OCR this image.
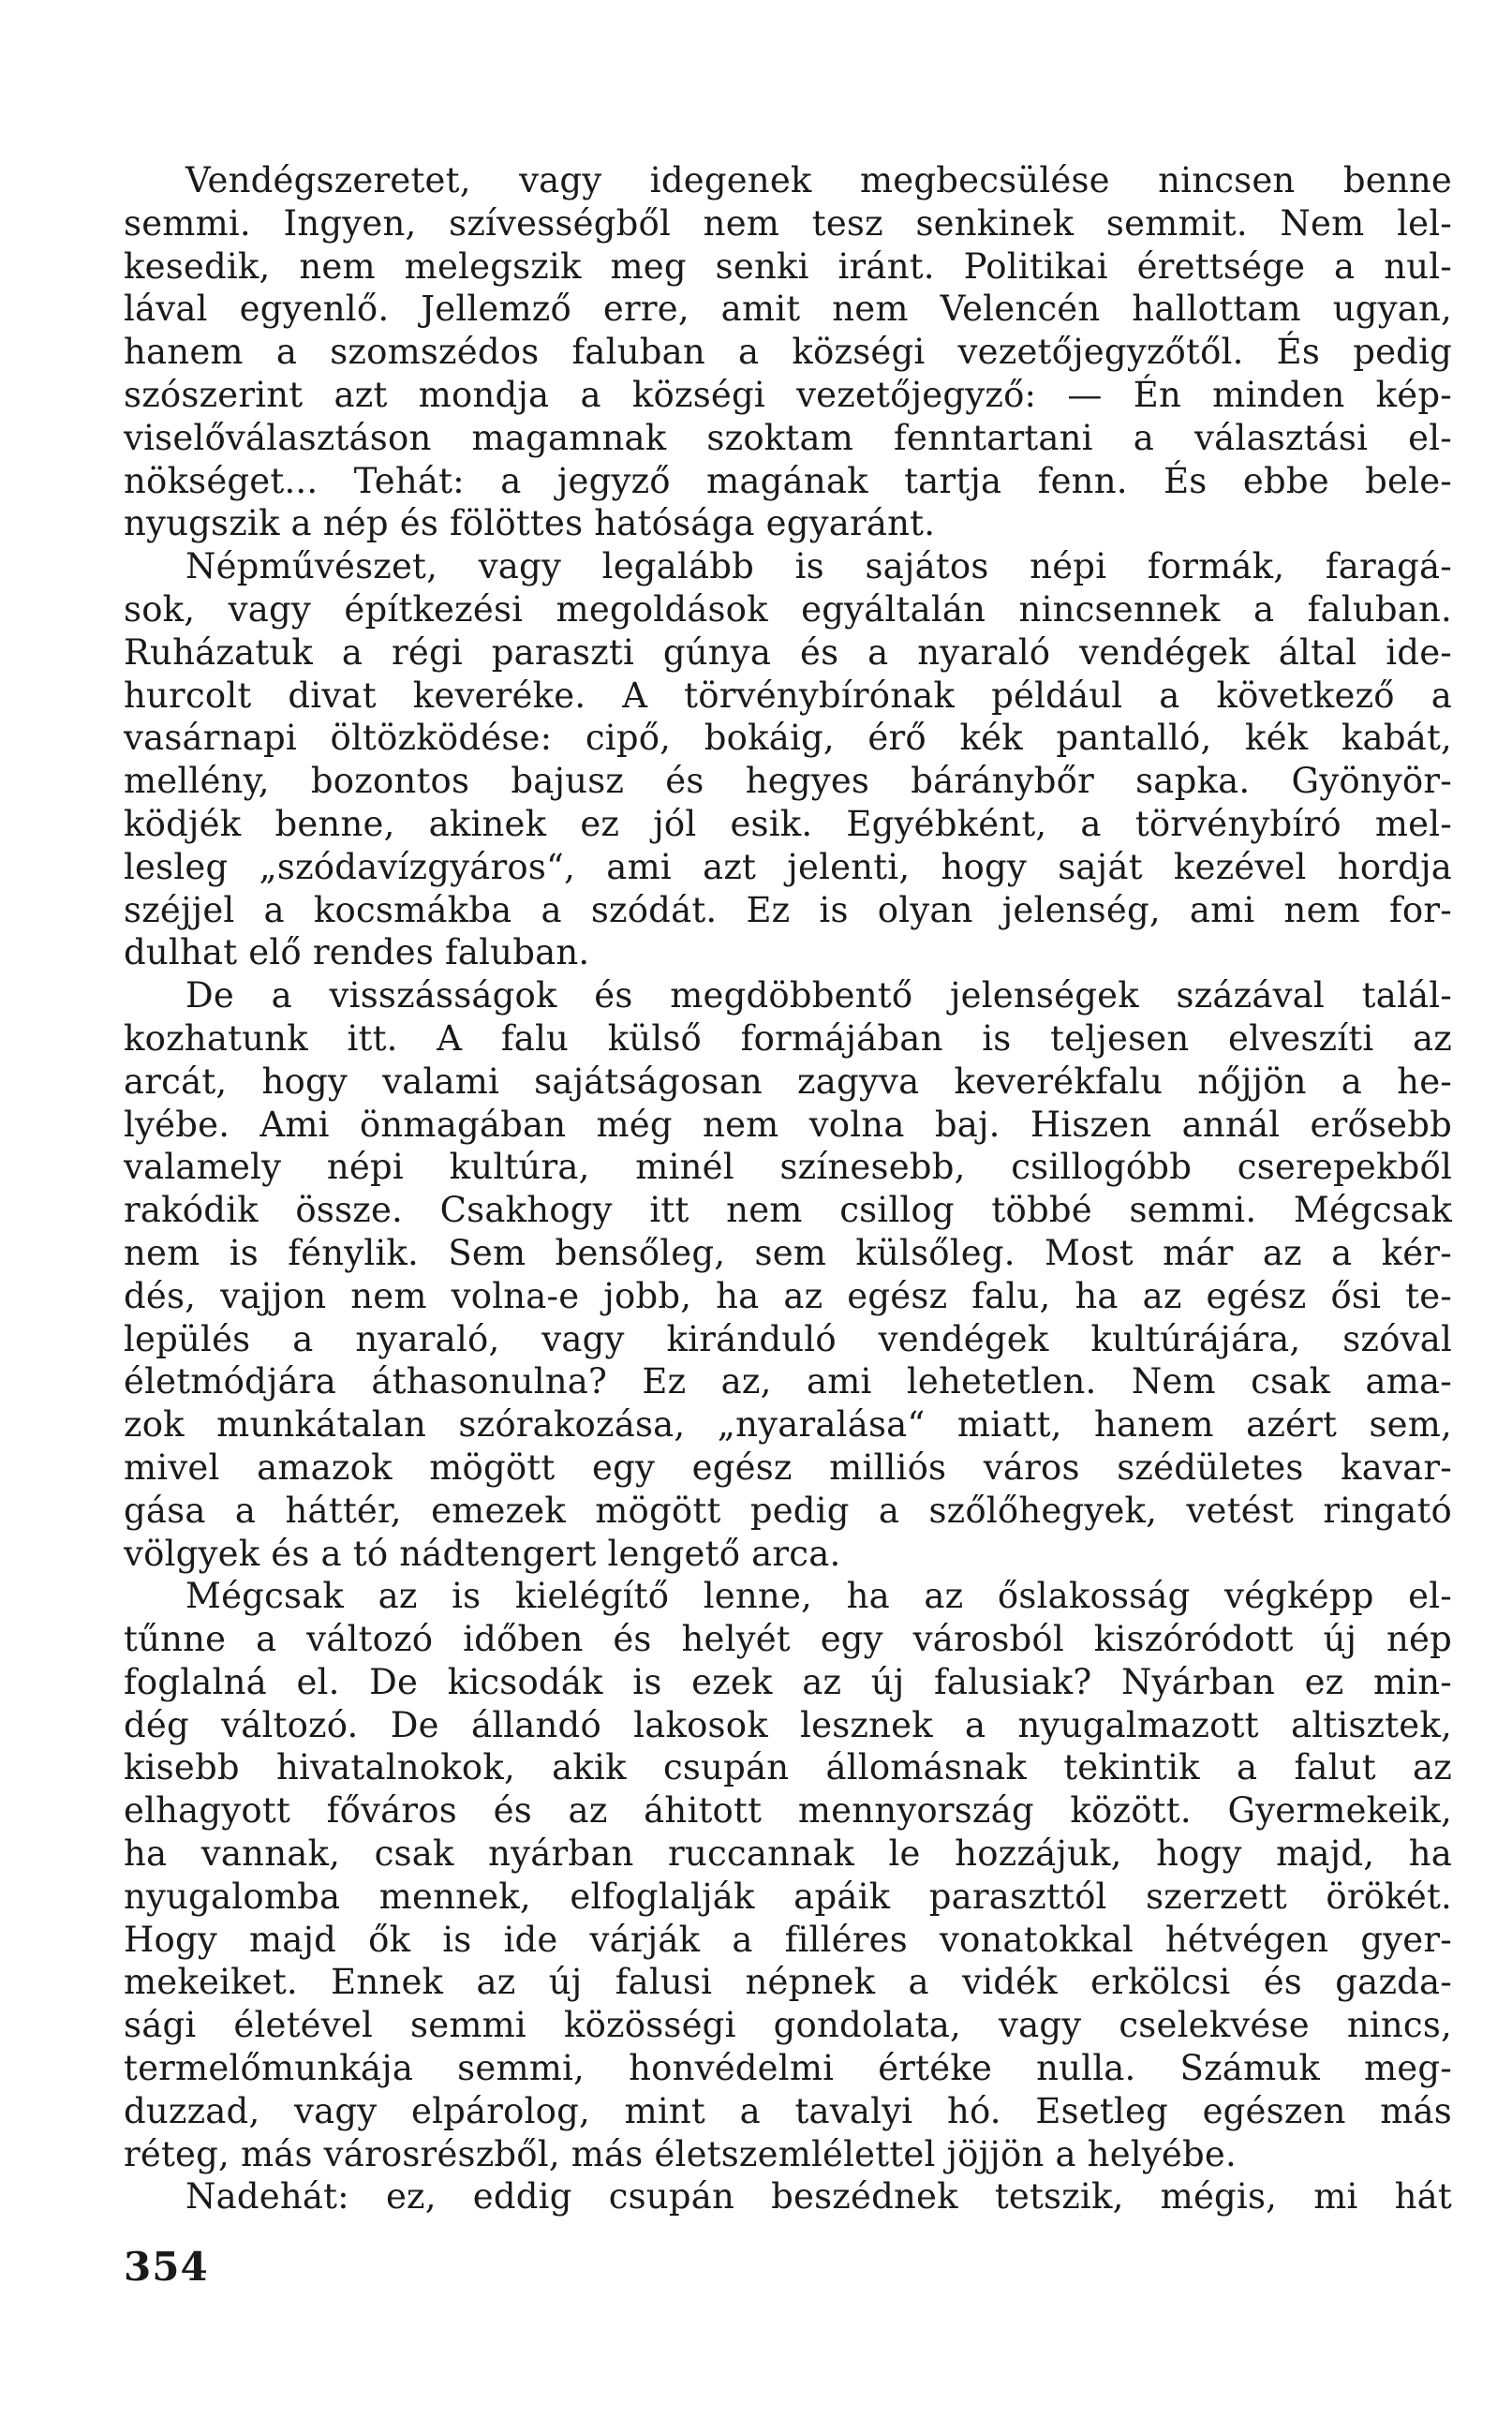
Vendégszeretet, vagy idegenek megbecsülése nincsen benne
semmi. Ingyen, szívességből nem tesz senkinek semmit. Nem lel-
kesedik, nem melegszik meg senki iránt. Politikai érettsége a nul-
lával egyenlő. Jellemző erre, amit nem Velencén hallottam ugyan,
hanem a szomszédos faluban a községi vezetőjegyzőtől. És pedig
szószerint azt mondja a községi vezetőjegyző: — Én minden kép-
viselőválasztáson magamnak szoktam fenntartani a választási el-
nökséget... Tehát: a jegyző magának tartja fenn. És ebbe bele-
nyugszik a nép és fölöttes hatósága egyaránt.
Népművészet, vagy legalább is sajátos népi formák, faragá-
sok, vagy építkezési megoldások egyáltalán nincsennek a faluban.
Ruházatuk a régi paraszti gúnya és a nyaraló vendégek által ide-
hurcolt divat keveréke. A törvénybírónak például a következő a
vasárnapi öltözködése: cipő, bokáig, érő kék pantalló, kék kabát,
mellény, bozontos bajusz és hegyes báránybőr sapka. Gyönyör-
ködjék benne, akinek ez jól esik. Egyébként, a törvénybíró mel-
lesleg „szódavízgyáros“, ami azt jelenti, hogy saját kezével hordja
széjjel a kocsmákba a szódát. Ez is olyan jelenség, ami nem for-
dulhat elő rendes faluban.
De a visszásságok és megdöbbentő jelenségek százával talál-
kozhatunk itt. A falu külső formájában is teljesen elveszíti az
arcát, hogy valami sajátságosan zagyva keverékfalu nőjjön a he-
lyébe. Ami önmagában még nem volna baj. Hiszen annál erősebb
valamely népi kultúra, minél színesebb, csillogóbb cserepekből
rakódik össze. Csakhogy itt nem csillog többé semmi. Mégcsak
nem is fénylik. Sem bensőleg, sem külsőleg. Most már az a kér-
dés, vajjon nem volna-e jobb, ha az egész falu, ha az egész ősi te-
lepülés a nyaraló, vagy kiránduló vendégek kultúrájára, szóval
életmódjára áthasonulna? Ez az, ami lehetetlen. Nem csak ama-
zok munkátalan szórakozása, „nyaralása“ miatt, hanem azért sem,
mivel amazok mögött egy egész milliós város szédületes kavar-
gása a háttér, emezek mögött pedig a szőlőhegyek, vetést ringató
völgyek és a tó nádtengert lengető arca.
Mégcsak az is kielégítő lenne, ha az őslakosság végképp el-
tűnne a változó időben és helyét egy városból kiszóródott új nép
foglalná el. De kicsodák is ezek az új falusiak? Nyárban ez min-
dég változó. De állandó lakosok lesznek a nyugalmazott altisztek,
kisebb hivatalnokok, akik csupán állomásnak tekintik a falut az
elhagyott főváros és az áhitott mennyország között. Gyermekeik,
ha vannak, csak nyárban ruccannak le hozzájuk, hogy majd, ha
nyugalomba mennek, elfoglalják apáik paraszttól szerzett örökét.
Hogy majd ők is ide várják a filléres vonatokkal hétvégen gyer-
mekeiket. Ennek az új falusi népnek a vidék erkölcsi és gazda-
sági életével semmi közösségi gondolata, vagy cselekvése nincs,
termelőmunkája semmi, honvédelmi értéke nulla. Számuk meg-
duzzad, vagy elpárolog, mint a tavalyi hó. Esetleg egészen más
réteg, más városrészből, más életszemlélettel jöjjön a helyébe.
Nadehát: ez, eddig csupán beszédnek tetszik, mégis, mi hát
354
